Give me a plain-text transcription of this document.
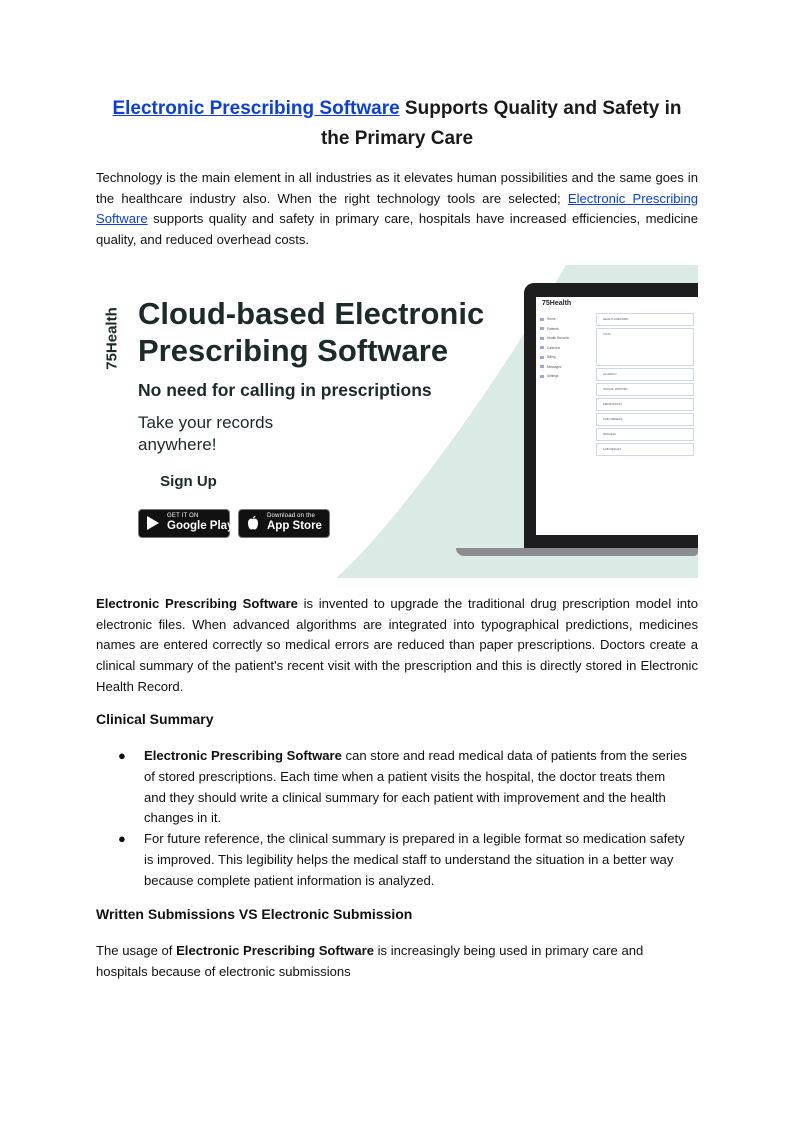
Electronic Prescribing Software Supports Quality and Safety in the Primary Care

Technology is the main element in all industries as it elevates human possibilities and the same goes in the healthcare industry also. When the right technology tools are selected; Electronic Prescribing Software supports quality and safety in primary care, hospitals have increased efficiencies, medicine quality, and reduced overhead costs.

75Health Cloud-based Electronic
Prescribing Software
No need for calling in prescriptions
Take your records
anywhere!
Sign Up
GET IT ON
Google Play
Download on the
App Store
75Health
Home
Patients
Health Records
Calendar
Billing
Messages
Settings
HEALTH RECORD
VITAL
ALLERGY
SOCIAL HISTORY
MEDICATION
LAB ORDERS
IMAGING
LAB RESULT

Electronic Prescribing Software is invented to upgrade the traditional drug prescription model into electronic files. When advanced algorithms are integrated into typographical predictions, medicines names are entered correctly so medical errors are reduced than paper prescriptions. Doctors create a clinical summary of the patient's recent visit with the prescription and this is directly stored in Electronic Health Record.

Clinical Summary
● Electronic Prescribing Software can store and read medical data of patients from the series of stored prescriptions. Each time when a patient visits the hospital, the doctor treats them and they should write a clinical summary for each patient with improvement and the health changes in it.
● For future reference, the clinical summary is prepared in a legible format so medication safety is improved. This legibility helps the medical staff to understand the situation in a better way because complete patient information is analyzed.
Written Submissions VS Electronic Submission

The usage of Electronic Prescribing Software is increasingly being used in primary care and hospitals because of electronic submissions
